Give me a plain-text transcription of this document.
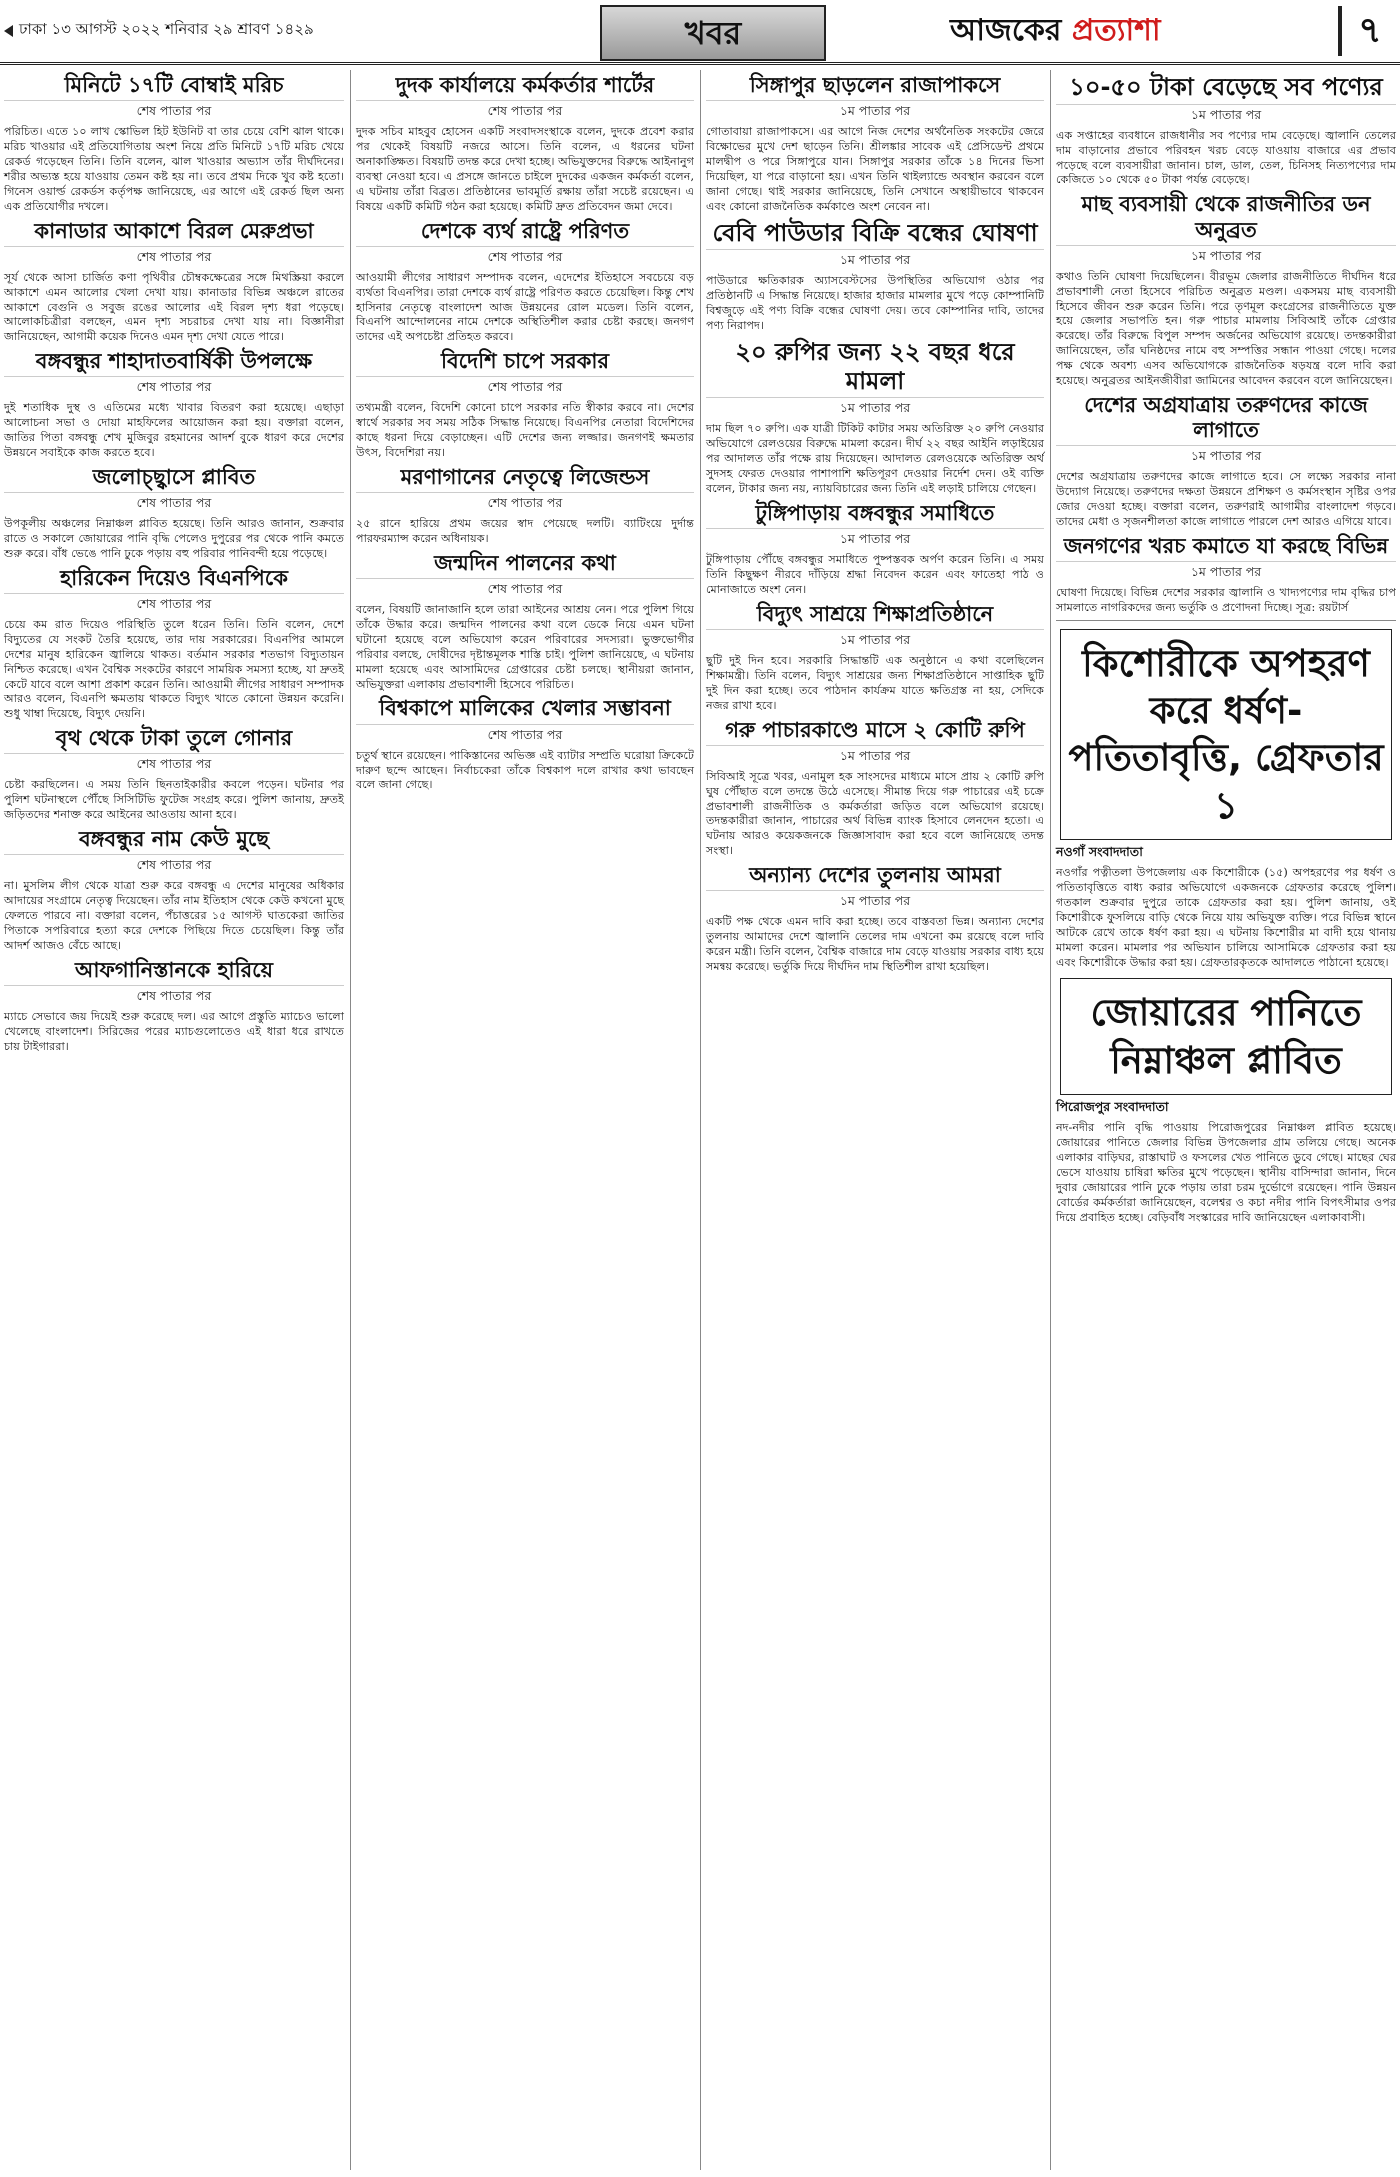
ঢাকা ১৩ আগস্ট ২০২২ শনিবার ২৯ শ্রাবণ ১৪২৯	খবর	আজকের প্রত্যাশা	৭
মিনিটে ১৭টি বোম্বাই মরিচ
শেষ পাতার পর

পরিচিত। এতে ১০ লাখ স্কোভিল হিট ইউনিট বা তার চেয়ে বেশি ঝাল থাকে। মরিচ খাওয়ার এই প্রতিযোগিতায় অংশ নিয়ে প্রতি মিনিটে ১৭টি মরিচ খেয়ে রেকর্ড গড়েছেন তিনি। তিনি বলেন, ঝাল খাওয়ার অভ্যাস তাঁর দীর্ঘদিনের। শরীর অভ্যস্ত হয়ে যাওয়ায় তেমন কষ্ট হয় না। তবে প্রথম দিকে খুব কষ্ট হতো। গিনেস ওয়ার্ল্ড রেকর্ডস কর্তৃপক্ষ জানিয়েছে, এর আগে এই রেকর্ড ছিল অন্য এক প্রতিযোগীর দখলে।

কানাডার আকাশে বিরল মেরুপ্রভা
শেষ পাতার পর

সূর্য থেকে আসা চার্জিত কণা পৃথিবীর চৌম্বকক্ষেত্রের সঙ্গে মিথস্ক্রিয়া করলে আকাশে এমন আলোর খেলা দেখা যায়। কানাডার বিভিন্ন অঞ্চলে রাতের আকাশে বেগুনি ও সবুজ রঙের আলোর এই বিরল দৃশ্য ধরা পড়েছে। আলোকচিত্রীরা বলছেন, এমন দৃশ্য সচরাচর দেখা যায় না। বিজ্ঞানীরা জানিয়েছেন, আগামী কয়েক দিনেও এমন দৃশ্য দেখা যেতে পারে।

বঙ্গবন্ধুর শাহাদাতবার্ষিকী উপলক্ষে
শেষ পাতার পর

দুই শতাধিক দুস্থ ও এতিমের মধ্যে খাবার বিতরণ করা হয়েছে। এছাড়া আলোচনা সভা ও দোয়া মাহফিলের আয়োজন করা হয়। বক্তারা বলেন, জাতির পিতা বঙ্গবন্ধু শেখ মুজিবুর রহমানের আদর্শ বুকে ধারণ করে দেশের উন্নয়নে সবাইকে কাজ করতে হবে।

জলোচ্ছ্বাসে প্লাবিত
শেষ পাতার পর

উপকূলীয় অঞ্চলের নিম্নাঞ্চল প্লাবিত হয়েছে। তিনি আরও জানান, শুক্রবার রাতে ও সকালে জোয়ারের পানি বৃদ্ধি পেলেও দুপুরের পর থেকে পানি কমতে শুরু করে। বাঁধ ভেঙে পানি ঢুকে পড়ায় বহু পরিবার পানিবন্দী হয়ে পড়েছে।

হারিকেন দিয়েও বিএনপিকে
শেষ পাতার পর

চেয়ে কম রাত দিয়েও পরিস্থিতি তুলে ধরেন তিনি। তিনি বলেন, দেশে বিদ্যুতের যে সংকট তৈরি হয়েছে, তার দায় সরকারের। বিএনপির আমলে দেশের মানুষ হারিকেন জ্বালিয়ে থাকত। বর্তমান সরকার শতভাগ বিদ্যুতায়ন নিশ্চিত করেছে। এখন বৈশ্বিক সংকটের কারণে সাময়িক সমস্যা হচ্ছে, যা দ্রুতই কেটে যাবে বলে আশা প্রকাশ করেন তিনি। আওয়ামী লীগের সাধারণ সম্পাদক আরও বলেন, বিএনপি ক্ষমতায় থাকতে বিদ্যুৎ খাতে কোনো উন্নয়ন করেনি। শুধু খাম্বা দিয়েছে, বিদ্যুৎ দেয়নি।

বৃথ থেকে টাকা তুলে গোনার
শেষ পাতার পর

চেষ্টা করছিলেন। এ সময় তিনি ছিনতাইকারীর কবলে পড়েন। ঘটনার পর পুলিশ ঘটনাস্থলে পৌঁছে সিসিটিভি ফুটেজ সংগ্রহ করে। পুলিশ জানায়, দ্রুতই জড়িতদের শনাক্ত করে আইনের আওতায় আনা হবে।

বঙ্গবন্ধুর নাম কেউ মুছে
শেষ পাতার পর

না। মুসলিম লীগ থেকে যাত্রা শুরু করে বঙ্গবন্ধু এ দেশের মানুষের অধিকার আদায়ের সংগ্রামে নেতৃত্ব দিয়েছেন। তাঁর নাম ইতিহাস থেকে কেউ কখনো মুছে ফেলতে পারবে না। বক্তারা বলেন, পঁচাত্তরের ১৫ আগস্ট ঘাতকেরা জাতির পিতাকে সপরিবারে হত্যা করে দেশকে পিছিয়ে দিতে চেয়েছিল। কিন্তু তাঁর আদর্শ আজও বেঁচে আছে।

আফগানিস্তানকে হারিয়ে
শেষ পাতার পর

ম্যাচে সেভাবে জয় দিয়েই শুরু করেছে দল। এর আগে প্রস্তুতি ম্যাচেও ভালো খেলেছে বাংলাদেশ। সিরিজের পরের ম্যাচগুলোতেও এই ধারা ধরে রাখতে চায় টাইগাররা।

দুদক কার্যালয়ে কর্মকর্তার শার্টের
শেষ পাতার পর

দুদক সচিব মাহবুব হোসেন একটি সংবাদসংস্থাকে বলেন, দুদকে প্রবেশ করার পর থেকেই বিষয়টি নজরে আসে। তিনি বলেন, এ ধরনের ঘটনা অনাকাঙ্ক্ষিত। বিষয়টি তদন্ত করে দেখা হচ্ছে। অভিযুক্তদের বিরুদ্ধে আইনানুগ ব্যবস্থা নেওয়া হবে। এ প্রসঙ্গে জানতে চাইলে দুদকের একজন কর্মকর্তা বলেন, এ ঘটনায় তাঁরা বিব্রত। প্রতিষ্ঠানের ভাবমূর্তি রক্ষায় তাঁরা সচেষ্ট রয়েছেন। এ বিষয়ে একটি কমিটি গঠন করা হয়েছে। কমিটি দ্রুত প্রতিবেদন জমা দেবে।

দেশকে ব্যর্থ রাষ্ট্রে পরিণত
শেষ পাতার পর

আওয়ামী লীগের সাধারণ সম্পাদক বলেন, এদেশের ইতিহাসে সবচেয়ে বড় ব্যর্থতা বিএনপির। তারা দেশকে ব্যর্থ রাষ্ট্রে পরিণত করতে চেয়েছিল। কিন্তু শেখ হাসিনার নেতৃত্বে বাংলাদেশ আজ উন্নয়নের রোল মডেল। তিনি বলেন, বিএনপি আন্দোলনের নামে দেশকে অস্থিতিশীল করার চেষ্টা করছে। জনগণ তাদের এই অপচেষ্টা প্রতিহত করবে।

বিদেশি চাপে সরকার
শেষ পাতার পর

তথ্যমন্ত্রী বলেন, বিদেশি কোনো চাপে সরকার নতি স্বীকার করবে না। দেশের স্বার্থে সরকার সব সময় সঠিক সিদ্ধান্ত নিয়েছে। বিএনপির নেতারা বিদেশিদের কাছে ধরনা দিয়ে বেড়াচ্ছেন। এটি দেশের জন্য লজ্জার। জনগণই ক্ষমতার উৎস, বিদেশিরা নয়।

মরণাগানের নেতৃত্বে লিজেন্ডস
শেষ পাতার পর

২৫ রানে হারিয়ে প্রথম জয়ের স্বাদ পেয়েছে দলটি। ব্যাটিংয়ে দুর্দান্ত পারফরম্যান্স করেন অধিনায়ক।

জন্মদিন পালনের কথা
শেষ পাতার পর

বলেন, বিষয়টি জানাজানি হলে তারা আইনের আশ্রয় নেন। পরে পুলিশ গিয়ে তাঁকে উদ্ধার করে। জন্মদিন পালনের কথা বলে ডেকে নিয়ে এমন ঘটনা ঘটানো হয়েছে বলে অভিযোগ করেন পরিবারের সদস্যরা। ভুক্তভোগীর পরিবার বলছে, দোষীদের দৃষ্টান্তমূলক শাস্তি চাই। পুলিশ জানিয়েছে, এ ঘটনায় মামলা হয়েছে এবং আসামিদের গ্রেপ্তারের চেষ্টা চলছে। স্থানীয়রা জানান, অভিযুক্তরা এলাকায় প্রভাবশালী হিসেবে পরিচিত।

বিশ্বকাপে মালিকের খেলার সম্ভাবনা
শেষ পাতার পর

চতুর্থ স্থানে রয়েছেন। পাকিস্তানের অভিজ্ঞ এই ব্যাটার সম্প্রতি ঘরোয়া ক্রিকেটে দারুণ ছন্দে আছেন। নির্বাচকেরা তাঁকে বিশ্বকাপ দলে রাখার কথা ভাবছেন বলে জানা গেছে।

সিঙ্গাপুর ছাড়লেন রাজাপাকসে
১ম পাতার পর

গোতাবায়া রাজাপাকসে। এর আগে নিজ দেশের অর্থনৈতিক সংকটের জেরে বিক্ষোভের মুখে দেশ ছাড়েন তিনি। শ্রীলঙ্কার সাবেক এই প্রেসিডেন্ট প্রথমে মালদ্বীপ ও পরে সিঙ্গাপুরে যান। সিঙ্গাপুর সরকার তাঁকে ১৪ দিনের ভিসা দিয়েছিল, যা পরে বাড়ানো হয়। এখন তিনি থাইল্যান্ডে অবস্থান করবেন বলে জানা গেছে। থাই সরকার জানিয়েছে, তিনি সেখানে অস্থায়ীভাবে থাকবেন এবং কোনো রাজনৈতিক কর্মকাণ্ডে অংশ নেবেন না।

বেবি পাউডার বিক্রি বন্ধের ঘোষণা
১ম পাতার পর

পাউডারে ক্ষতিকারক অ্যাসবেস্টসের উপস্থিতির অভিযোগ ওঠার পর প্রতিষ্ঠানটি এ সিদ্ধান্ত নিয়েছে। হাজার হাজার মামলার মুখে পড়ে কোম্পানিটি বিশ্বজুড়ে এই পণ্য বিক্রি বন্ধের ঘোষণা দেয়। তবে কোম্পানির দাবি, তাদের পণ্য নিরাপদ।

২০ রুপির জন্য ২২ বছর ধরে মামলা
১ম পাতার পর

দাম ছিল ৭০ রুপি। এক যাত্রী টিকিট কাটার সময় অতিরিক্ত ২০ রুপি নেওয়ার অভিযোগে রেলওয়ের বিরুদ্ধে মামলা করেন। দীর্ঘ ২২ বছর আইনি লড়াইয়ের পর আদালত তাঁর পক্ষে রায় দিয়েছেন। আদালত রেলওয়েকে অতিরিক্ত অর্থ সুদসহ ফেরত দেওয়ার পাশাপাশি ক্ষতিপূরণ দেওয়ার নির্দেশ দেন। ওই ব্যক্তি বলেন, টাকার জন্য নয়, ন্যায়বিচারের জন্য তিনি এই লড়াই চালিয়ে গেছেন।

টুঙ্গিপাড়ায় বঙ্গবন্ধুর সমাধিতে
১ম পাতার পর

টুঙ্গিপাড়ায় পৌঁছে বঙ্গবন্ধুর সমাধিতে পুষ্পস্তবক অর্পণ করেন তিনি। এ সময় তিনি কিছুক্ষণ নীরবে দাঁড়িয়ে শ্রদ্ধা নিবেদন করেন এবং ফাতেহা পাঠ ও মোনাজাতে অংশ নেন।

বিদ্যুৎ সাশ্রয়ে শিক্ষাপ্রতিষ্ঠানে
১ম পাতার পর

ছুটি দুই দিন হবে। সরকারি সিদ্ধান্তটি এক অনুষ্ঠানে এ কথা বলেছিলেন শিক্ষামন্ত্রী। তিনি বলেন, বিদ্যুৎ সাশ্রয়ের জন্য শিক্ষাপ্রতিষ্ঠানে সাপ্তাহিক ছুটি দুই দিন করা হচ্ছে। তবে পাঠদান কার্যক্রম যাতে ক্ষতিগ্রস্ত না হয়, সেদিকে নজর রাখা হবে।

গরু পাচারকাণ্ডে মাসে ২ কোটি রুপি
১ম পাতার পর

সিবিআই সূত্রে খবর, এনামুল হক সাংসদের মাধ্যমে মাসে প্রায় ২ কোটি রুপি ঘুষ পৌঁছাত বলে তদন্তে উঠে এসেছে। সীমান্ত দিয়ে গরু পাচারের এই চক্রে প্রভাবশালী রাজনীতিক ও কর্মকর্তারা জড়িত বলে অভিযোগ রয়েছে। তদন্তকারীরা জানান, পাচারের অর্থ বিভিন্ন ব্যাংক হিসাবে লেনদেন হতো। এ ঘটনায় আরও কয়েকজনকে জিজ্ঞাসাবাদ করা হবে বলে জানিয়েছে তদন্ত সংস্থা।

অন্যান্য দেশের তুলনায় আমরা
১ম পাতার পর

একটি পক্ষ থেকে এমন দাবি করা হচ্ছে। তবে বাস্তবতা ভিন্ন। অন্যান্য দেশের তুলনায় আমাদের দেশে জ্বালানি তেলের দাম এখনো কম রয়েছে বলে দাবি করেন মন্ত্রী। তিনি বলেন, বৈশ্বিক বাজারে দাম বেড়ে যাওয়ায় সরকার বাধ্য হয়ে সমন্বয় করেছে। ভর্তুকি দিয়ে দীর্ঘদিন দাম স্থিতিশীল রাখা হয়েছিল।

১০-৫০ টাকা বেড়েছে সব পণ্যের
১ম পাতার পর

এক সপ্তাহের ব্যবধানে রাজধানীর সব পণ্যের দাম বেড়েছে। জ্বালানি তেলের দাম বাড়ানোর প্রভাবে পরিবহন খরচ বেড়ে যাওয়ায় বাজারে এর প্রভাব পড়েছে বলে ব্যবসায়ীরা জানান। চাল, ডাল, তেল, চিনিসহ নিত্যপণ্যের দাম কেজিতে ১০ থেকে ৫০ টাকা পর্যন্ত বেড়েছে।

মাছ ব্যবসায়ী থেকে রাজনীতির ডন অনুব্রত
১ম পাতার পর

কথাও তিনি ঘোষণা দিয়েছিলেন। বীরভূম জেলার রাজনীতিতে দীর্ঘদিন ধরে প্রভাবশালী নেতা হিসেবে পরিচিত অনুব্রত মণ্ডল। একসময় মাছ ব্যবসায়ী হিসেবে জীবন শুরু করেন তিনি। পরে তৃণমূল কংগ্রেসের রাজনীতিতে যুক্ত হয়ে জেলার সভাপতি হন। গরু পাচার মামলায় সিবিআই তাঁকে গ্রেপ্তার করেছে। তাঁর বিরুদ্ধে বিপুল সম্পদ অর্জনের অভিযোগ রয়েছে। তদন্তকারীরা জানিয়েছেন, তাঁর ঘনিষ্ঠদের নামে বহু সম্পত্তির সন্ধান পাওয়া গেছে। দলের পক্ষ থেকে অবশ্য এসব অভিযোগকে রাজনৈতিক ষড়যন্ত্র বলে দাবি করা হয়েছে। অনুব্রতর আইনজীবীরা জামিনের আবেদন করবেন বলে জানিয়েছেন।

দেশের অগ্রযাত্রায় তরুণদের কাজে লাগাতে
১ম পাতার পর

দেশের অগ্রযাত্রায় তরুণদের কাজে লাগাতে হবে। সে লক্ষ্যে সরকার নানা উদ্যোগ নিয়েছে। তরুণদের দক্ষতা উন্নয়নে প্রশিক্ষণ ও কর্মসংস্থান সৃষ্টির ওপর জোর দেওয়া হচ্ছে। বক্তারা বলেন, তরুণরাই আগামীর বাংলাদেশ গড়বে। তাদের মেধা ও সৃজনশীলতা কাজে লাগাতে পারলে দেশ আরও এগিয়ে যাবে।

জনগণের খরচ কমাতে যা করছে বিভিন্ন
১ম পাতার পর

ঘোষণা দিয়েছে। বিভিন্ন দেশের সরকার জ্বালানি ও খাদ্যপণ্যের দাম বৃদ্ধির চাপ সামলাতে নাগরিকদের জন্য ভর্তুকি ও প্রণোদনা দিচ্ছে। সূত্র: রয়টার্স

কিশোরীকে অপহরণ করে ধর্ষণ-পতিতাবৃত্তি, গ্রেফতার ১
নওগাঁ সংবাদদাতা

নওগাঁর পত্নীতলা উপজেলায় এক কিশোরীকে (১৫) অপহরণের পর ধর্ষণ ও পতিতাবৃত্তিতে বাধ্য করার অভিযোগে একজনকে গ্রেফতার করেছে পুলিশ। গতকাল শুক্রবার দুপুরে তাকে গ্রেফতার করা হয়। পুলিশ জানায়, ওই কিশোরীকে ফুসলিয়ে বাড়ি থেকে নিয়ে যায় অভিযুক্ত ব্যক্তি। পরে বিভিন্ন স্থানে আটকে রেখে তাকে ধর্ষণ করা হয়। এ ঘটনায় কিশোরীর মা বাদী হয়ে থানায় মামলা করেন। মামলার পর অভিযান চালিয়ে আসামিকে গ্রেফতার করা হয় এবং কিশোরীকে উদ্ধার করা হয়। গ্রেফতারকৃতকে আদালতে পাঠানো হয়েছে।

জোয়ারের পানিতে নিম্নাঞ্চল প্লাবিত
পিরোজপুর সংবাদদাতা

নদ-নদীর পানি বৃদ্ধি পাওয়ায় পিরোজপুরের নিম্নাঞ্চল প্লাবিত হয়েছে। জোয়ারের পানিতে জেলার বিভিন্ন উপজেলার গ্রাম তলিয়ে গেছে। অনেক এলাকার বাড়িঘর, রাস্তাঘাট ও ফসলের খেত পানিতে ডুবে গেছে। মাছের ঘের ভেসে যাওয়ায় চাষিরা ক্ষতির মুখে পড়েছেন। স্থানীয় বাসিন্দারা জানান, দিনে দুবার জোয়ারের পানি ঢুকে পড়ায় তারা চরম দুর্ভোগে রয়েছেন। পানি উন্নয়ন বোর্ডের কর্মকর্তারা জানিয়েছেন, বলেশ্বর ও কচা নদীর পানি বিপৎসীমার ওপর দিয়ে প্রবাহিত হচ্ছে। বেড়িবাঁধ সংস্কারের দাবি জানিয়েছেন এলাকাবাসী।
